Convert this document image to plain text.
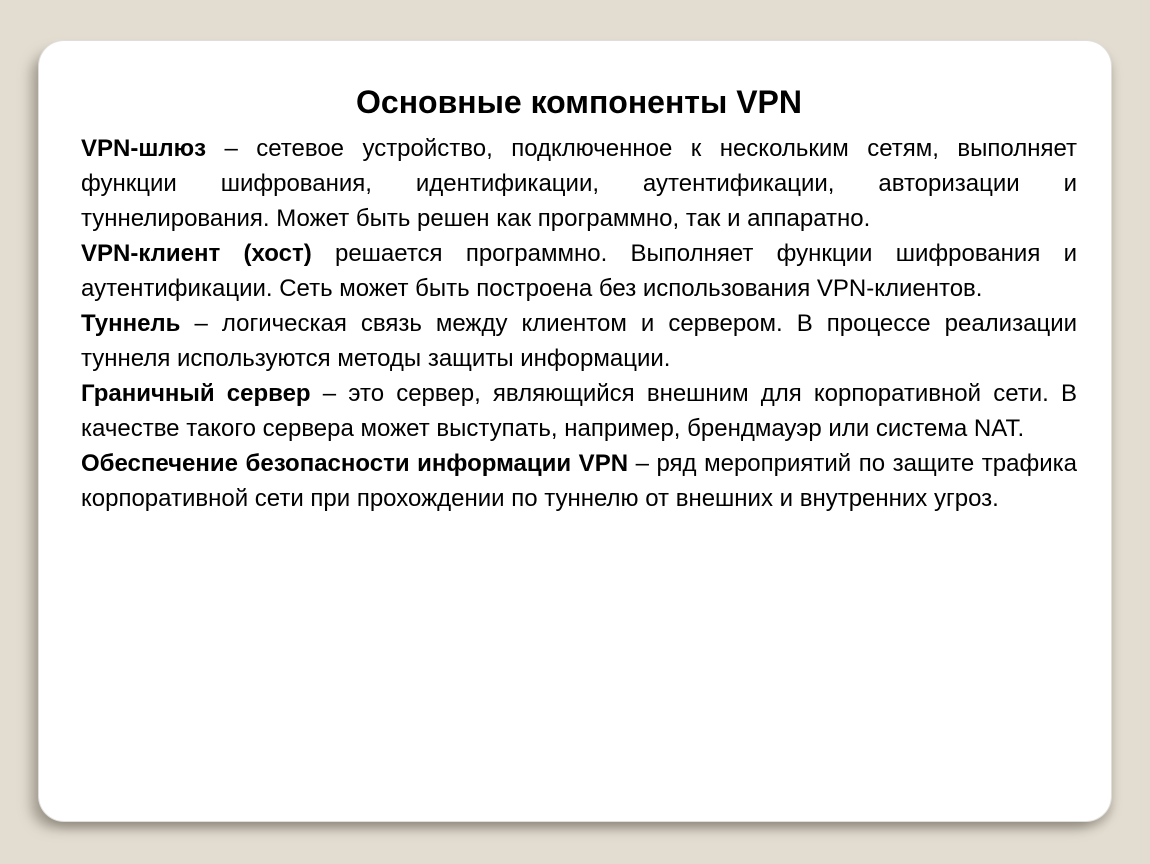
Основные компоненты VPN

VPN-шлюз – сетевое устройство, подключенное к нескольким сетям, выполняет функции шифрования, идентификации, аутентификации, авторизации и туннелирования. Может быть решен как программно, так и аппаратно.

VPN-клиент (хост) решается программно. Выполняет функции шифрования и аутентификации. Сеть может быть построена без использования VPN-клиентов.

Туннель – логическая связь между клиентом и сервером. В процессе реализации туннеля используются методы защиты информации.

Граничный сервер – это сервер, являющийся внешним для корпоративной сети. В качестве такого сервера может выступать, например, брендмауэр или система NAT.

Обеспечение безопасности информации VPN – ряд мероприятий по защите трафика корпоративной сети при прохождении по туннелю от внешних и внутренних угроз.
